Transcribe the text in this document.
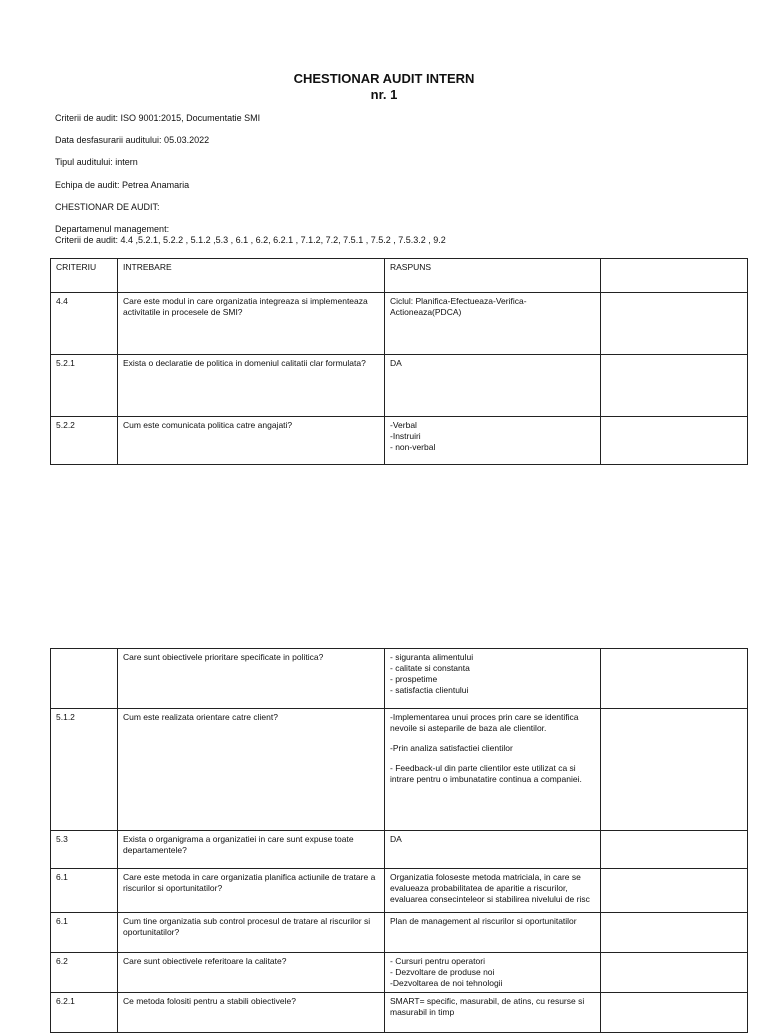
CHESTIONAR AUDIT INTERN
nr. 1
Criterii de audit: ISO 9001:2015, Documentatie SMI
Data desfasurarii auditului: 05.03.2022
Tipul auditului: intern
Echipa de audit: Petrea Anamaria
CHESTIONAR DE AUDIT:
Departamenul management:
Criterii de audit: 4.4 ,5.2.1, 5.2.2 , 5.1.2 ,5.3 , 6.1 , 6.2, 6.2.1 , 7.1.2, 7.2, 7.5.1 , 7.5.2 , 7.5.3.2 , 9.2
CRITERIU	INTREBARE	RASPUNS	
4.4	Care este modul in care organizatia integreaza si implementeaza activitatile in procesele de SMI?	Ciclul: Planifica-Efectueaza-Verifica-Actioneaza(PDCA)	

5.2.1	Exista o declaratie de politica in domeniul calitatii clar formulata?	DA	

5.2.2	Cum este comunicata politica catre angajati?	-Verbal
-Instruiri
- non-verbal	

	Care sunt obiectivele prioritare specificate in politica?	- siguranta alimentului
- calitate si constanta
- prospetime
- satisfactia clientului	

5.1.2	Cum este realizata orientare catre client?	-Implementarea unui proces prin care se identifica nevoile si asteparile de baza ale clientilor.
-Prin analiza satisfactiei clientilor
- Feedback-ul din parte clientilor este utilizat ca si intrare pentru o imbunatatire continua a companiei.	

5.3	Exista o organigrama a organizatiei in care sunt expuse toate departamentele?	DA	

6.1	Care este metoda in care organizatia planifica actiunile de tratare a riscurilor si oportunitatilor?	Organizatia foloseste metoda matriciala, in care se evalueaza probabilitatea de aparitie a riscurilor, evaluarea consecinteleor si stabilirea nivelului de risc	

6.1	Cum tine organizatia sub control procesul de tratare al riscurilor si oportunitatilor?	Plan de management al riscurilor si oportunitatilor	

6.2	Care sunt obiectivele referitoare la calitate?	- Cursuri pentru operatori
- Dezvoltare de produse noi
-Dezvoltarea de noi tehnologii	

6.2.1	Ce metoda folositi pentru a stabili obiectivele?	SMART= specific, masurabil, de atins, cu resurse si masurabil in timp	
